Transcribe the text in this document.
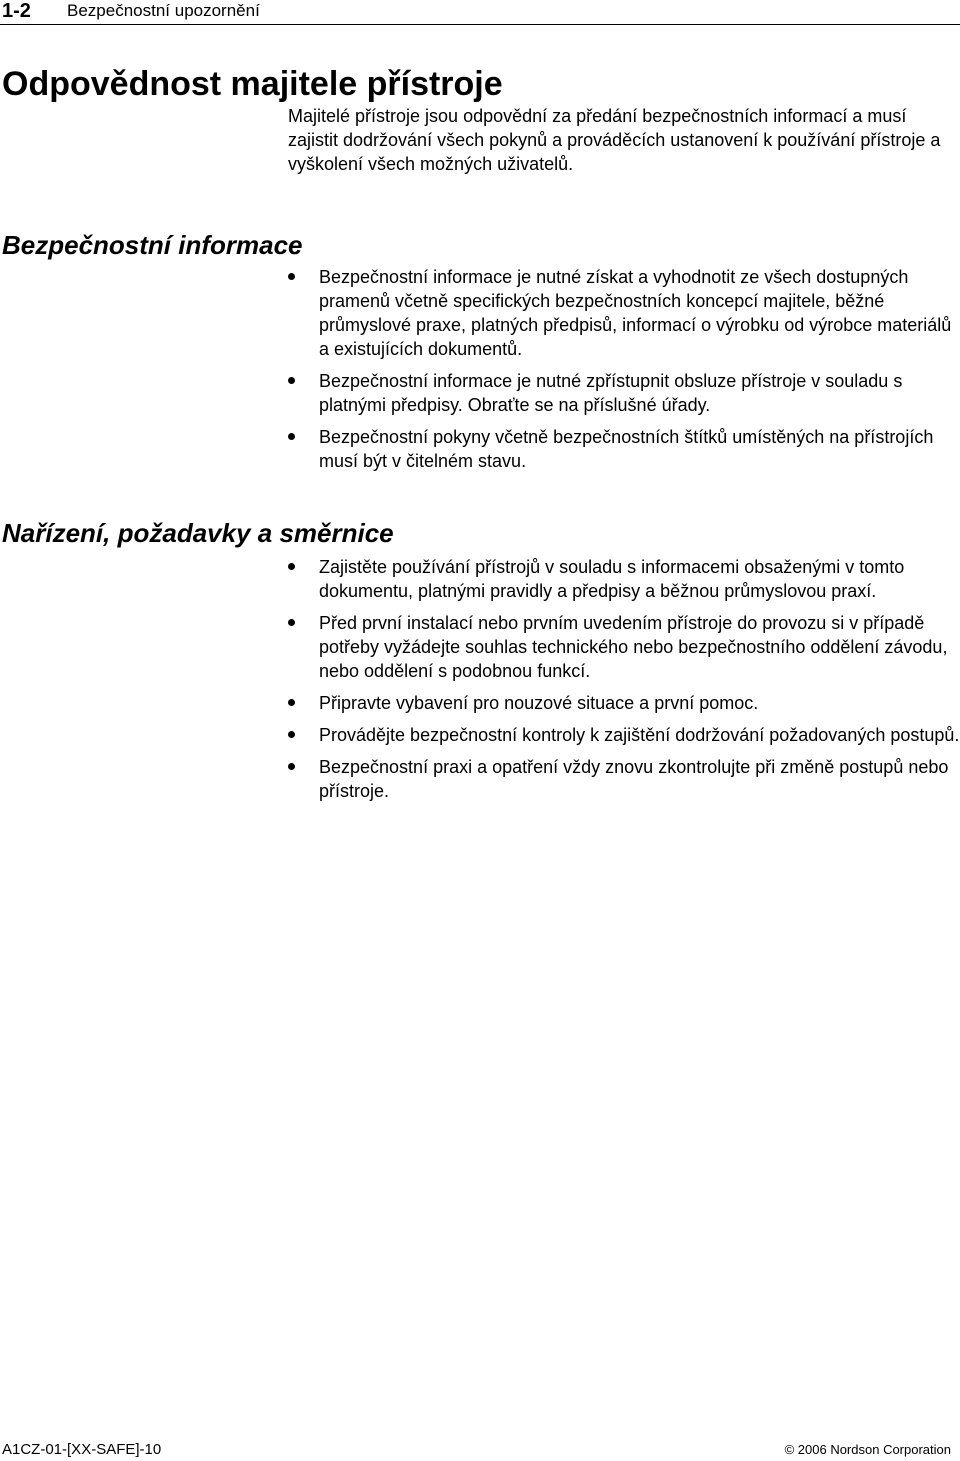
1-2 Bezpečnostní upozornění
Odpovědnost majitele přístroje

Majitelé přístroje jsou odpovědní za předání bezpečnostních informací a musí zajistit dodržování všech pokynů a prováděcích ustanovení k používání přístroje a vyškolení všech možných uživatelů.

Bezpečnostní informace
Bezpečnostní informace je nutné získat a vyhodnotit ze všech dostupných pramenů včetně specifických bezpečnostních koncepcí majitele, běžné průmyslové praxe, platných předpisů, informací o výrobku od výrobce materiálů a existujících dokumentů.
Bezpečnostní informace je nutné zpřístupnit obsluze přístroje v souladu s platnými předpisy. Obraťte se na příslušné úřady.
Bezpečnostní pokyny včetně bezpečnostních štítků umístěných na přístrojích musí být v čitelném stavu.
Nařízení, požadavky a směrnice
Zajistěte používání přístrojů v souladu s informacemi obsaženými v tomto dokumentu, platnými pravidly a předpisy a běžnou průmyslovou praxí.
Před první instalací nebo prvním uvedením přístroje do provozu si v případě potřeby vyžádejte souhlas technického nebo bezpečnostního oddělení závodu, nebo oddělení s podobnou funkcí.
Připravte vybavení pro nouzové situace a první pomoc.
Provádějte bezpečnostní kontroly k zajištění dodržování požadovaných postupů.
Bezpečnostní praxi a opatření vždy znovu zkontrolujte při změně postupů nebo přístroje.
A1CZ-01-[XX-SAFE]-10	© 2006 Nordson Corporation
